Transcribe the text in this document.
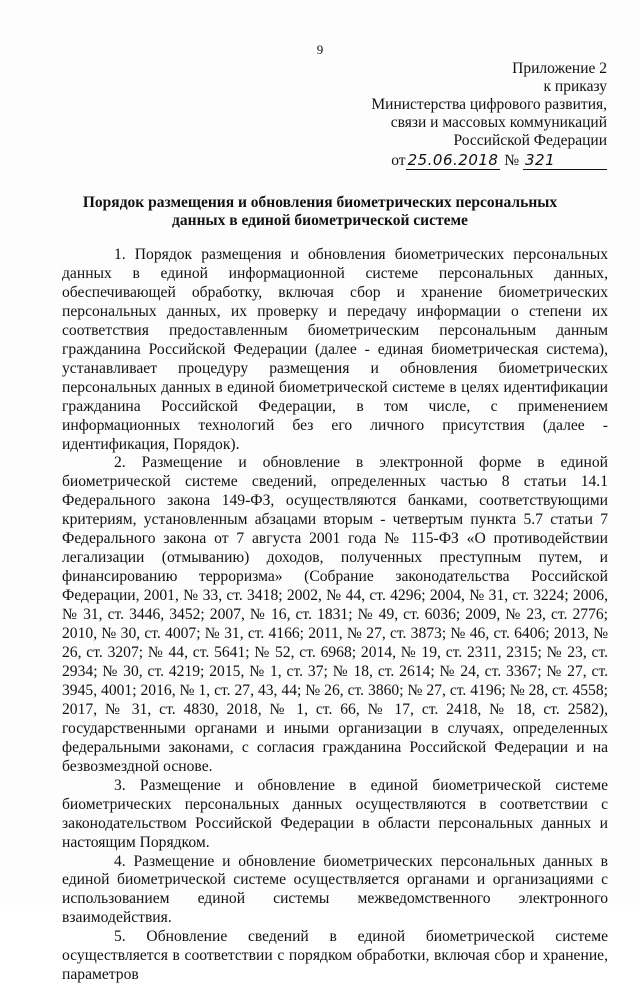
9
Приложение 2
к приказу
Министерства цифрового развития,
связи и массовых коммуникаций
Российской Федерации
от 25.06.2018 № 321
Порядок размещения и обновления биометрических персональных
данных в единой биометрической системе

1. Порядок размещения и обновления биометрических персональных данных в единой информационной системе персональных данных, обеспечивающей обработку, включая сбор и хранение биометрических персональных данных, их проверку и передачу информации о степени их соответствия предоставленным биометрическим персональным данным гражданина Российской Федерации (далее - единая биометрическая система), устанавливает процедуру размещения и обновления биометрических персональных данных в единой биометрической системе в целях идентификации гражданина Российской Федерации, в том числе, с применением информационных технологий без его личного присутствия (далее - идентификация, Порядок).

2. Размещение и обновление в электронной форме в единой биометрической системе сведений, определенных частью 8 статьи 14.1 Федерального закона 149-ФЗ, осуществляются банками, соответствующими критериям, установленным абзацами вторым - четвертым пункта 5.7 статьи 7 Федерального закона от 7 августа 2001 года № 115-ФЗ «О противодействии легализации (отмыванию) доходов, полученных преступным путем, и финансированию терроризма» (Собрание законодательства Российской Федерации, 2001, № 33, ст. 3418; 2002, № 44, ст. 4296; 2004, № 31, ст. 3224; 2006, № 31, ст. 3446, 3452; 2007, № 16, ст. 1831; № 49, ст. 6036; 2009, № 23, ст. 2776; 2010, № 30, ст. 4007; № 31, ст. 4166; 2011, № 27, ст. 3873; № 46, ст. 6406; 2013, № 26, ст. 3207; № 44, ст. 5641; № 52, ст. 6968; 2014, № 19, ст. 2311, 2315; № 23, ст. 2934; № 30, ст. 4219; 2015, № 1, ст. 37; № 18, ст. 2614; № 24, ст. 3367; № 27, ст. 3945, 4001; 2016, № 1, ст. 27, 43, 44; № 26, ст. 3860; № 27, ст. 4196; № 28, ст. 4558; 2017, № 31, ст. 4830, 2018, № 1, ст. 66, № 17, ст. 2418, № 18, ст. 2582), государственными органами и иными организации в случаях, определенных федеральными законами, с согласия гражданина Российской Федерации и на безвозмездной основе.

3. Размещение и обновление в единой биометрической системе биометрических персональных данных осуществляются в соответствии с законодательством Российской Федерации в области персональных данных и настоящим Порядком.

4. Размещение и обновление биометрических персональных данных в единой биометрической системе осуществляется органами и организациями с использованием единой системы межведомственного электронного взаимодействия.

5. Обновление сведений в единой биометрической системе осуществляется в соответствии с порядком обработки, включая сбор и хранение, параметров
